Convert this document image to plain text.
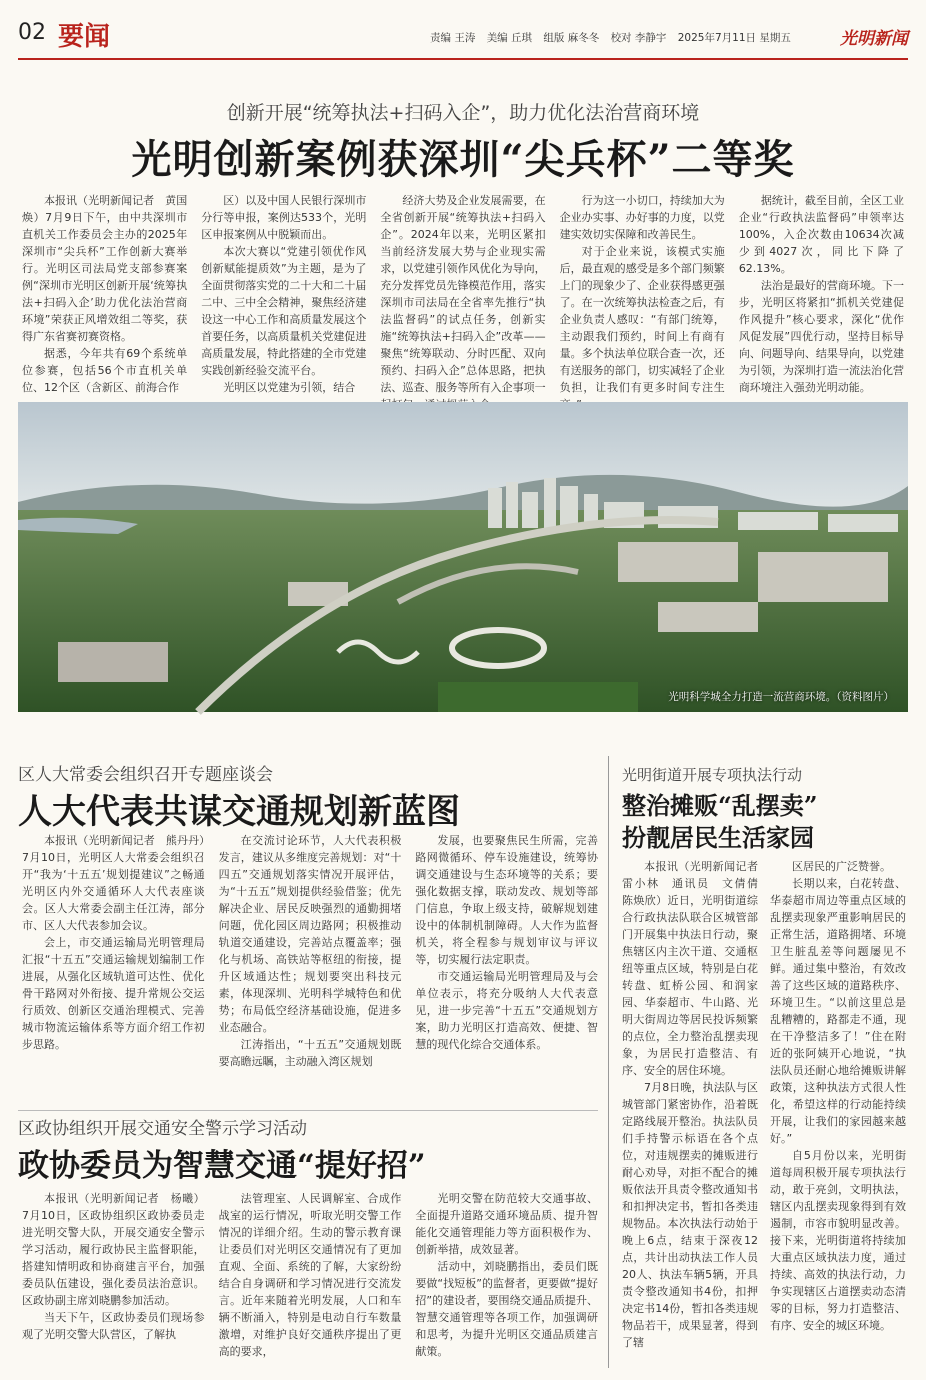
02 要闻	责编 王涛 美编 丘琪 组版 麻冬冬 校对 李静宇 2025年7月11日 星期五	光明新闻
创新开展“统筹执法+扫码入企”，助力优化法治营商环境
光明创新案例获深圳“尖兵杯”二等奖

本报讯（光明新闻记者　黄国焕）7月9日下午，由中共深圳市直机关工作委员会主办的2025年深圳市“尖兵杯”工作创新大赛举行。光明区司法局党支部参赛案例“深圳市光明区创新开展‘统筹执法+扫码入企’助力优化法治营商环境”荣获正风增效组二等奖，获得广东省赛初赛资格。

据悉，今年共有69个系统单位参赛，包括56个市直机关单位、12个区（含新区、前海合作

区）以及中国人民银行深圳市分行等申报，案例达533个，光明区申报案例从中脱颖而出。

本次大赛以“党建引领优作风　创新赋能提质效”为主题，是为了全面贯彻落实党的二十大和二十届二中、三中全会精神，聚焦经济建设这一中心工作和高质量发展这个首要任务，以高质量机关党建促进高质量发展，特此搭建的全市党建实践创新经验交流平台。

光明区以党建为引领，结合

经济大势及企业发展需要，在全省创新开展“统筹执法+扫码入企”。2024年以来，光明区紧扣当前经济发展大势与企业现实需求，以党建引领作风优化为导向，充分发挥党员先锋模范作用，落实深圳市司法局在全省率先推行“执法监督码”的试点任务，创新实施“统筹执法+扫码入企”改革——聚焦“统筹联动、分时匹配、双向预约、扫码入企”总体思路，把执法、巡查、服务等所有入企事项一

行为这一小切口，持续加大为企业办实事、办好事的力度，以党建实效切实保障和改善民生。

对于企业来说，该模式实施后，最直观的感受是多个部门频繁上门的现象少了、企业获得感更强了。在一次统筹执法检查之后，有企业负责人感叹：“有部门统筹，主动跟我们预约，时间上有商有量。多个执法单位联合查一次，还有送服务的部门，切实减轻了企业负担，让我们有更多时间专注生

据统计，截至目前，全区工业企业“行政执法监督码”申领率达100%，入企次数由10634次减少到4027次，同比下降了62.13%。

法治是最好的营商环境。下一步，光明区将紧扣“抓机关党建促作风提升”核心要求，深化“优作风促发展”四优行动，坚持目标导向、问题导向、结果导向，以党建为引领，为深圳打造一流法治化营商环境注入强劲光明动能。

光明科学城全力打造一流营商环境。（资料图片）
区人大常委会组织召开专题座谈会
人大代表共谋交通规划新蓝图

本报讯（光明新闻记者　熊丹丹）7月10日，光明区人大常委会组织召开“我为‘十五五’规划提建议”之畅通光明区内外交通循环人大代表座谈会。区人大常委会副主任江涛，部分市、区人大代表参加会议。

会上，市交通运输局光明管理局汇报“十五五”交通运输规划编制工作进展，从强化区域轨道可达性、优化骨干路网对外衔接、提升常规公交运行质效、创新区交通治理模式、完善城市物流运输体系等方面介绍工作初步思路。

在交流讨论环节，人大代表积极发言，建议从多维度完善规划：对“十四五”交通规划落实情况开展评估，为“十五五”规划提供经验借鉴；优先解决企业、居民反映强烈的通勤拥堵问题，优化园区周边路网；积极推动轨道交通建设，完善站点覆盖率；强化与机场、高铁站等枢纽的衔接，提升区域通达性；规划要突出科技元素，体现深圳、光明科学城特色和优势；布局低空经济基础设施，促进多业态融合。

江涛指出，“十五五”交通规划既要高瞻远瞩，主动融入湾区规划

发展，也要聚焦民生所需，完善路网微循环、停车设施建设，统筹协调交通建设与生态环境等的关系；要强化数据支撑，联动发改、规划等部门信息，争取上级支持，破解规划建设中的体制机制障碍。人大作为监督机关，将全程参与规划审议与评议等，切实履行法定职责。

市交通运输局光明管理局及与会单位表示，将充分吸纳人大代表意见，进一步完善“十五五”交通规划方案，助力光明区打造高效、便捷、智慧的现代化综合交通体系。

区政协组织开展交通安全警示学习活动
政协委员为智慧交通“提好招”

本报讯（光明新闻记者　杨曦）7月10日，区政协组织区政协委员走进光明交警大队，开展交通安全警示学习活动，履行政协民主监督职能，搭建知情明政和协商建言平台，加强委员队伍建设，强化委员法治意识。区政协副主席刘晓鹏参加活动。

当天下午，区政协委员们现场参观了光明交警大队营区，了解执

法管理室、人民调解室、合成作战室的运行情况，听取光明交警工作情况的详细介绍。生动的警示教育课让委员们对光明区交通情况有了更加直观、全面、系统的了解，大家纷纷结合自身调研和学习情况进行交流发言。近年来随着光明发展，人口和车辆不断涌入，特别是电动自行车数量激增，对维护良好交通秩序提出了更高的要求，

光明交警在防范较大交通事故、全面提升道路交通环境品质、提升智能化交通管理能力等方面积极作为、创新举措，成效显著。

活动中，刘晓鹏指出，委员们既要做“找短板”的监督者，更要做“提好招”的建设者，要围绕交通品质提升、智慧交通管理等各项工作，加强调研和思考，为提升光明区交通品质建言献策。

光明街道开展专项执法行动
整治摊贩“乱摆卖”
扮靓居民生活家园

本报讯（光明新闻记者雷小林　通讯员　文倩倩　陈焕欣）近日，光明街道综合行政执法队联合区城管部门开展集中执法日行动，聚焦辖区内主次干道、交通枢纽等重点区域，特别是白花转盘、虹桥公园、和润家园、华泰超市、牛山路、光明大街周边等居民投诉频繁的点位，全力整治乱摆卖现象，为居民打造整洁、有序、安全的居住环境。

7月8日晚，执法队与区城管部门紧密协作，沿着既定路线展开整治。执法队员们手持警示标语在各个点位，对违规摆卖的摊贩进行耐心劝导，对拒不配合的摊贩依法开具责令整改通知书和扣押决定书，暂扣各类违规物品。本次执法行动始于晚上6点，结束于深夜12点，共计出动执法工作人员20人、执法车辆5辆，开具责令整改通知书4份，扣押决定书14份，暂扣各类违规物品若干，成果显著，得到了辖

区居民的广泛赞誉。

长期以来，白花转盘、华泰超市周边等重点区域的乱摆卖现象严重影响居民的正常生活，道路拥堵、环境卫生脏乱差等问题屡见不鲜。通过集中整治，有效改善了这些区域的道路秩序、环境卫生。“以前这里总是乱糟糟的，路都走不通，现在干净整洁多了！”住在附近的张阿姨开心地说，“执法队员还耐心地给摊贩讲解政策，这种执法方式很人性化，希望这样的行动能持续开展，让我们的家园越来越好。”

自5月份以来，光明街道每周积极开展专项执法行动，敢于亮剑，文明执法，辖区内乱摆卖现象得到有效遏制，市容市貌明显改善。接下来，光明街道将持续加大重点区域执法力度，通过持续、高效的执法行动，力争实现辖区占道摆卖动态清零的目标，努力打造整洁、有序、安全的城区环境。
